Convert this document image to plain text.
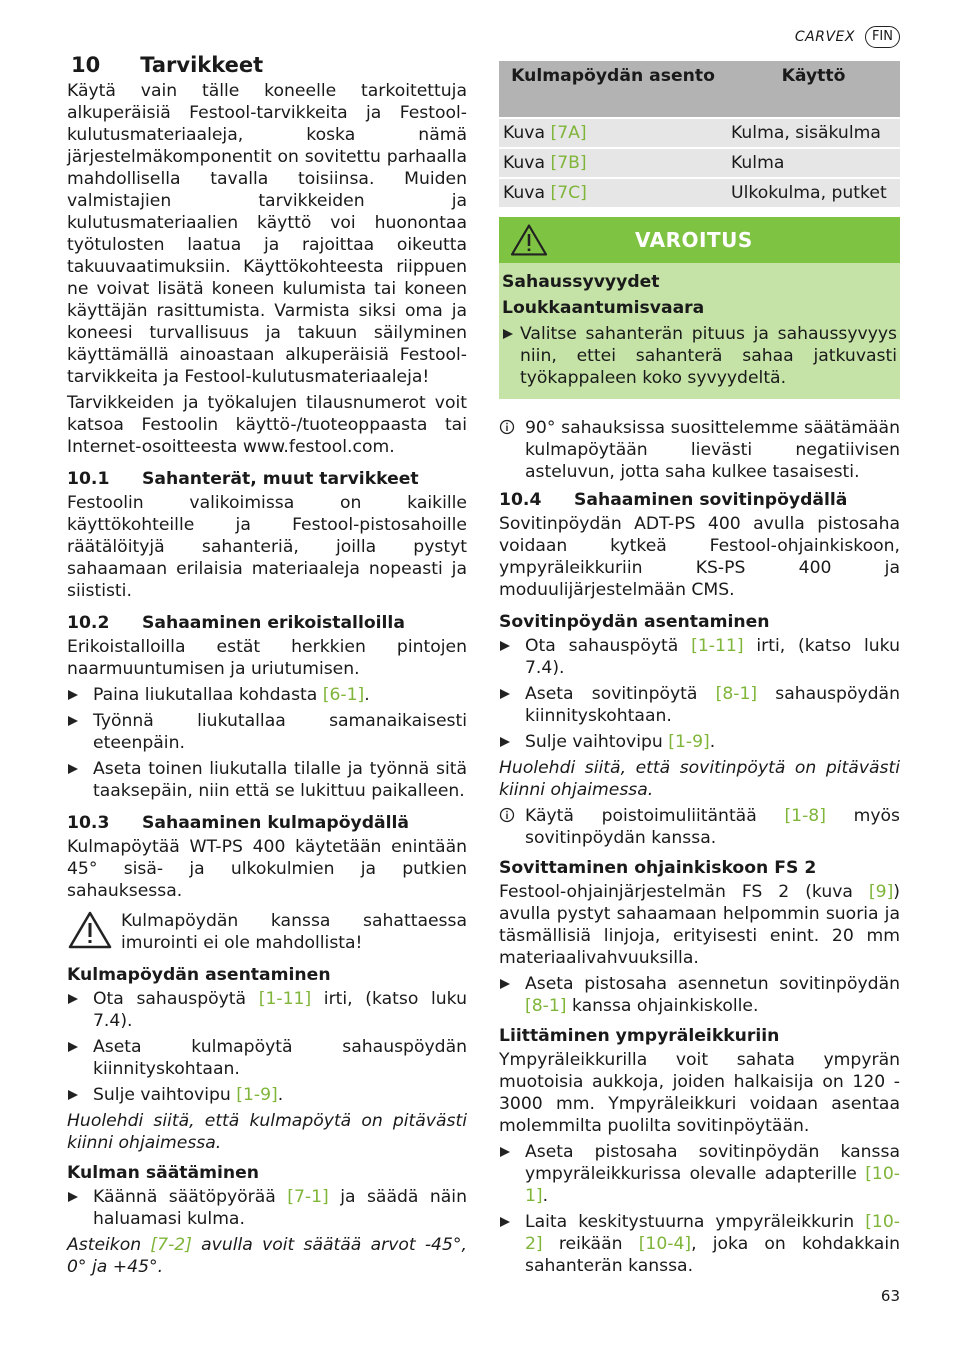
CARVEX	FIN
10 Tarvikkeet

Käytä vain tälle koneelle tarkoitettuja alkuperäisiä Festool-tarvikkeita ja Festool-kulutusmateriaaleja, koska nämä järjestelmäkomponentit on sovitettu parhaalla mahdollisella tavalla toisiinsa. Muiden valmistajien tarvikkeiden ja kulutusmateriaalien käyttö voi huonontaa työtulosten laatua ja rajoittaa oikeutta takuuvaatimuksiin. Käyttökohteesta riippuen ne voivat lisätä koneen kulumista tai koneen käyttäjän rasittumista. Varmista siksi oma ja koneesi turvallisuus ja takuun säilyminen käyttämällä ainoastaan alkuperäisiä Festool-tarvikkeita ja Festool-kulutusmateriaaleja!

Tarvikkeiden ja työkalujen tilausnumerot voit katsoa Festoolin käyttö-/tuoteoppaasta tai Internet-osoitteesta www.festool.com.

10.1	Sahanterät, muut tarvikkeet

Festoolin valikoimissa on kaikille käyttökohteille ja Festool-pistosahoille räätälöityjä sahanteriä, joilla pystyt sahaamaan erilaisia materiaaleja nopeasti ja siististi.

10.2	Sahaaminen erikoistalloilla

Erikoistalloilla estät herkkien pintojen naarmuuntumisen ja uriutumisen.

Paina liukutallaa kohdasta [6-1].
Työnnä liukutallaa samanaikaisesti eteenpäin.
Aseta toinen liukutalla tilalle ja työnnä sitä taaksepäin, niin että se lukittuu paikalleen.
10.3	Sahaaminen kulmapöydällä

Kulmapöytää WT-PS 400 käytetään enintään 45° sisä- ja ulkokulmien ja putkien sahauksessa.

Kulmapöydän kanssa sahattaessa imurointi ei ole mahdollista!
Kulmapöydän asentaminen
Ota sahauspöytä [1-11] irti, (katso luku 7.4).
Aseta kulmapöytä sahauspöydän kiinnityskohtaan.
Sulje vaihtovipu [1-9].

Huolehdi siitä, että kulmapöytä on pitävästi kiinni ohjaimessa.

Kulman säätäminen
Käännä säätöpyörää [7-1] ja säädä näin haluamasi kulma.

Asteikon [7-2] avulla voit säätää arvot -45°, 0° ja +45°.

Kulmapöydän asento	Käyttö
Kuva [7A]	Kulma, sisäkulma
Kuva [7B]	Kulma
Kuva [7C]	Ulkokulma, putket
VAROITUS
Sahaussyvyydet
Loukkaantumisvaara
Valitse sahanterän pituus ja sahaussyvyys niin, ettei sahanterä sahaa jatkuvasti työkappaleen koko syvyydeltä.
90° sahauksissa suosittelemme säätämään kulmapöytään lievästi negatiivisen asteluvun, jotta saha kulkee tasaisesti.
10.4	Sahaaminen sovitinpöydällä

Sovitinpöydän ADT-PS 400 avulla pistosaha voidaan kytkeä Festool-ohjainkiskoon, ympyräleikkuriin KS-PS 400 ja moduulijärjestelmään CMS.

Sovitinpöydän asentaminen
Ota sahauspöytä [1-11] irti, (katso luku 7.4).
Aseta sovitinpöytä [8-1] sahauspöydän kiinnityskohtaan.
Sulje vaihtovipu [1-9].

Huolehdi siitä, että sovitinpöytä on pitävästi kiinni ohjaimessa.

Käytä poistoimuliitäntää [1-8] myös sovitinpöydän kanssa.
Sovittaminen ohjainkiskoon FS 2

Festool-ohjainjärjestelmän FS 2 (kuva [9]) avulla pystyt sahaamaan helpommin suoria ja täsmällisiä linjoja, erityisesti enint. 20 mm materiaalivahvuuksilla.

Aseta pistosaha asennetun sovitinpöydän [8-1] kanssa ohjainkiskolle.
Liittäminen ympyräleikkuriin

Ympyräleikkurilla voit sahata ympyrän muotoisia aukkoja, joiden halkaisija on 120 - 3000 mm. Ympyräleikkuri voidaan asentaa molemmilta puolilta sovitinpöytään.

Aseta pistosaha sovitinpöydän kanssa ympyräleikkurissa olevalle adapterille [10-1].
Laita keskitystuurna ympyräleikkurin [10-2] reikään [10-4], joka on kohdakkain sahanterän kanssa.
63
